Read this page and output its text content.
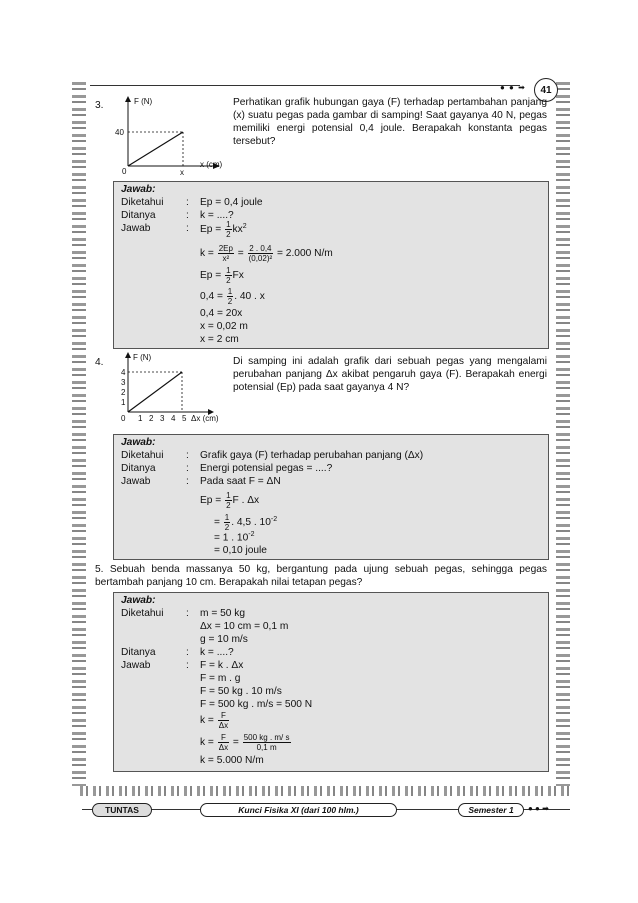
● ● ➡	41
3.	F (N)
40
0	x
x (cm)
Perhatikan grafik hubungan gaya (F) terhadap pertambahan panjang (x) suatu pegas pada gambar di samping! Saat gayanya 40 N, pegas memiliki energi potensial 0,4 joule. Berapakah konstanta pegas tersebut?
Jawab:
Diketahui : Ep = 0,4 joule
Ditanya	: k = ....?
Jawab	: $Ep = \frac{1}{2} kx^2$
$k = \frac{2Ep}{\text{x²}} = \frac{2 . 0,4}{\text{(0,02)²}} = 2.000$ N/m
$Ep = \frac{1}{2}$ Fx
$0,4 = \frac{1}{2}$ . 40 . x
0,4 = 20x
x = 0,02 m
x = 2 cm
4.	F (N)
4
3
2
1
0 1 2 3 4 5 Δx (cm)
Di samping ini adalah grafik dari sebuah pegas yang mengalami perubahan panjang Δx akibat pengaruh gaya (F). Berapakah energi potensial (Ep) pada saat gayanya 4 N?
Jawab:
Diketahui : Grafik gaya (F) terhadap perubahan panjang (Δx)
Ditanya	: Energi potensial pegas = ....?
Jawab	: Pada saat F = ΔN
$Ep = \frac{1}{2}$ F . Δx
= $\frac{1}{2}$ . 4,5 . $10^{-2}$
= 1 . $10^{-2}$
= 0,10 joule
5. Sebuah benda massanya 50 kg, bergantung pada ujung sebuah pegas, sehingga pegas bertambah panjang 10 cm. Berapakah nilai tetapan pegas?
Jawab:
Diketahui : m = 50 kg
Δx = 10 cm = 0,1 m
g = 10 m/s
Ditanya	: k = ....?
Jawab	: F = k . Δx
F = m . g
F = 50 kg . 10 m/s
F = 500 kg . m/s = 500 N
$k = \frac{F}{\Delta x}$
$k = \frac{F}{\Delta x} = \frac{500 kg . m/ s}{0,1 m}$
k = 5.000 N/m
TUNTAS	Kunci Fisika XI (dari 100 hlm.)	Semester 1	● ● ➡
